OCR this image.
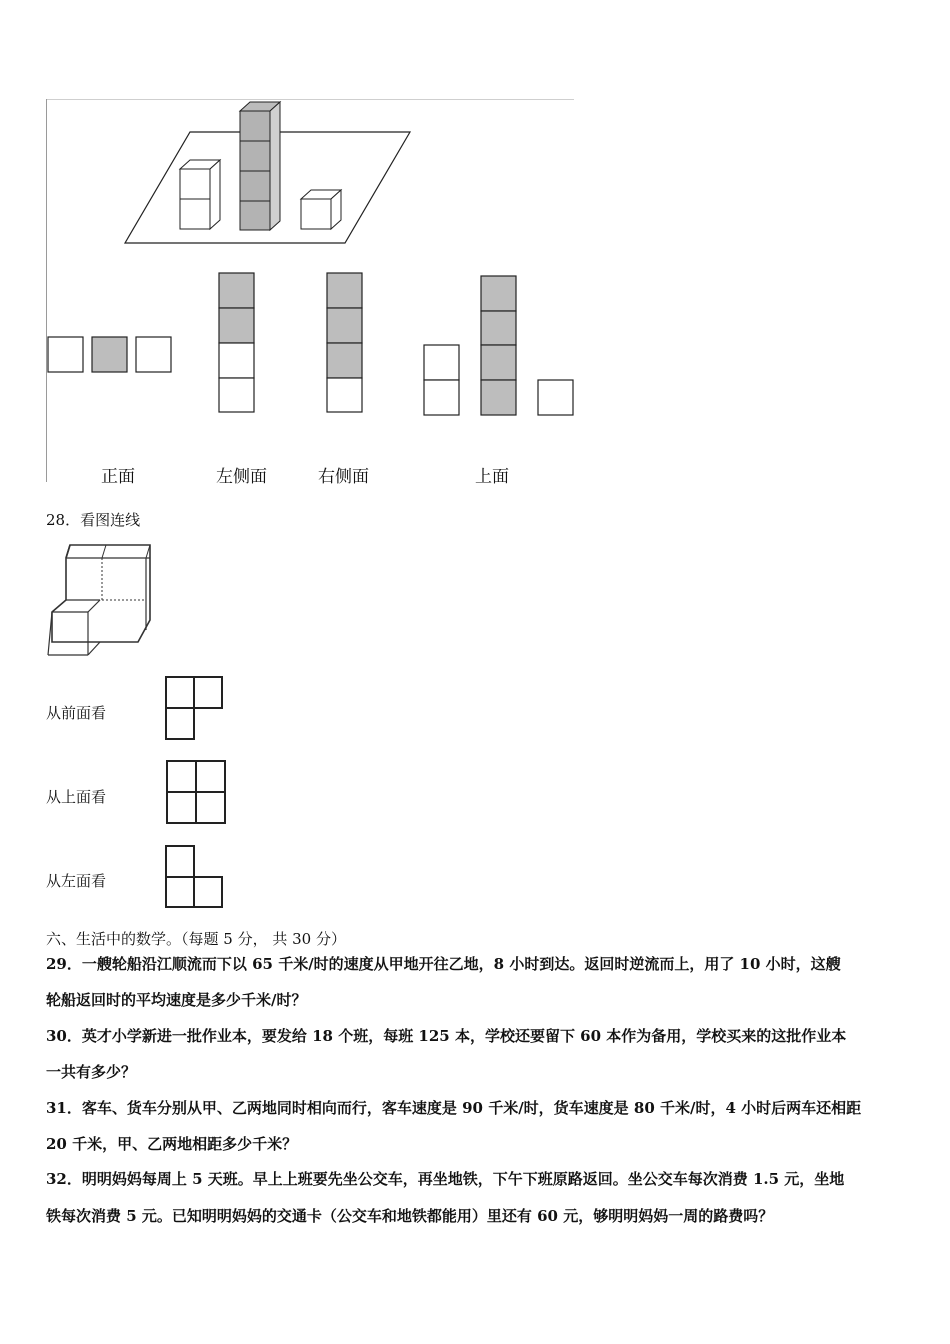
正面	左侧面	右侧面	上面
28．看图连线
从前面看
从上面看
从左面看
六、生活中的数学。（每题 5 分， 共 30 分）
29．一艘轮船沿江顺流而下以 65 千米/时的速度从甲地开往乙地，8 小时到达。返回时逆流而上，用了 10 小时，这艘
轮船返回时的平均速度是多少千米/时？
30．英才小学新进一批作业本，要发给 18 个班，每班 125 本，学校还要留下 60 本作为备用，学校买来的这批作业本
一共有多少？
31．客车、货车分别从甲、乙两地同时相向而行，客车速度是 90 千米/时，货车速度是 80 千米/时，4 小时后两车还相距
20 千米，甲、乙两地相距多少千米？
32．明明妈妈每周上 5 天班。早上上班要先坐公交车，再坐地铁，下午下班原路返回。坐公交车每次消费 1.5 元，坐地
铁每次消费 5 元。已知明明妈妈的交通卡（公交车和地铁都能用）里还有 60 元，够明明妈妈一周的路费吗？
